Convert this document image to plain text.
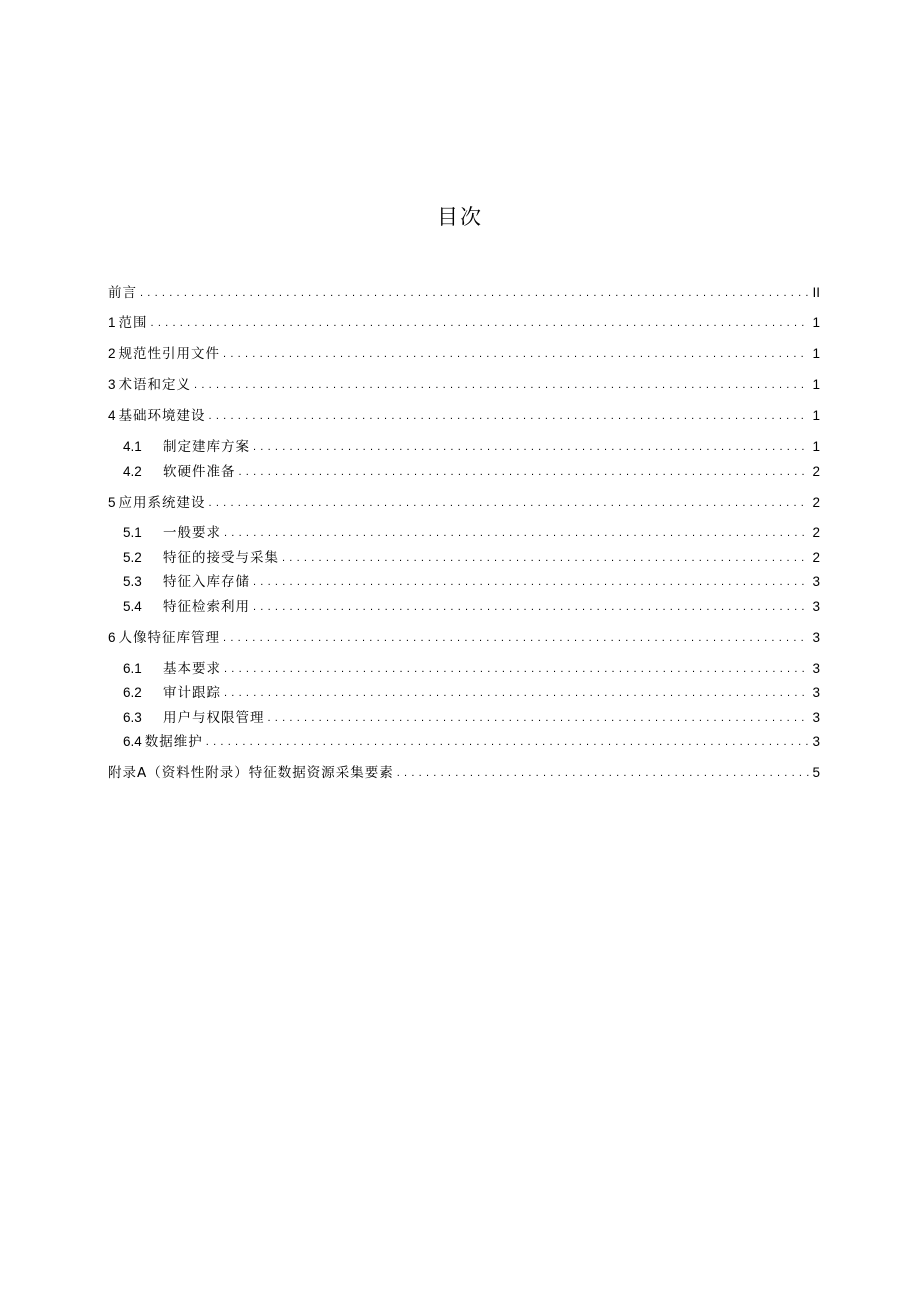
目次
前言 . . .	II
1 范围 . . .	1
2 规范性引用文件 . . .	1
3 术语和定义 . . .	1
4 基础环境建设 . . .	1
4.1	制定建库方案 . . .	1
4.2	软硬件准备 . . .	2
5 应用系统建设 . . .	2
5.1	一般要求 . . .	2
5.2	特征的接受与采集 . . .	2
5.3	特征入库存储 . . .	3
5.4	特征检索利用 . . .	3
6 人像特征库管理 . . .	3
6.1	基本要求 . . .	3
6.2	审计跟踪 . . .	3
6.3	用户与权限管理 . . .	3
6.4 数据维护 . . .	3
附录A（资料性附录）特征数据资源采集要素 . . .	5
